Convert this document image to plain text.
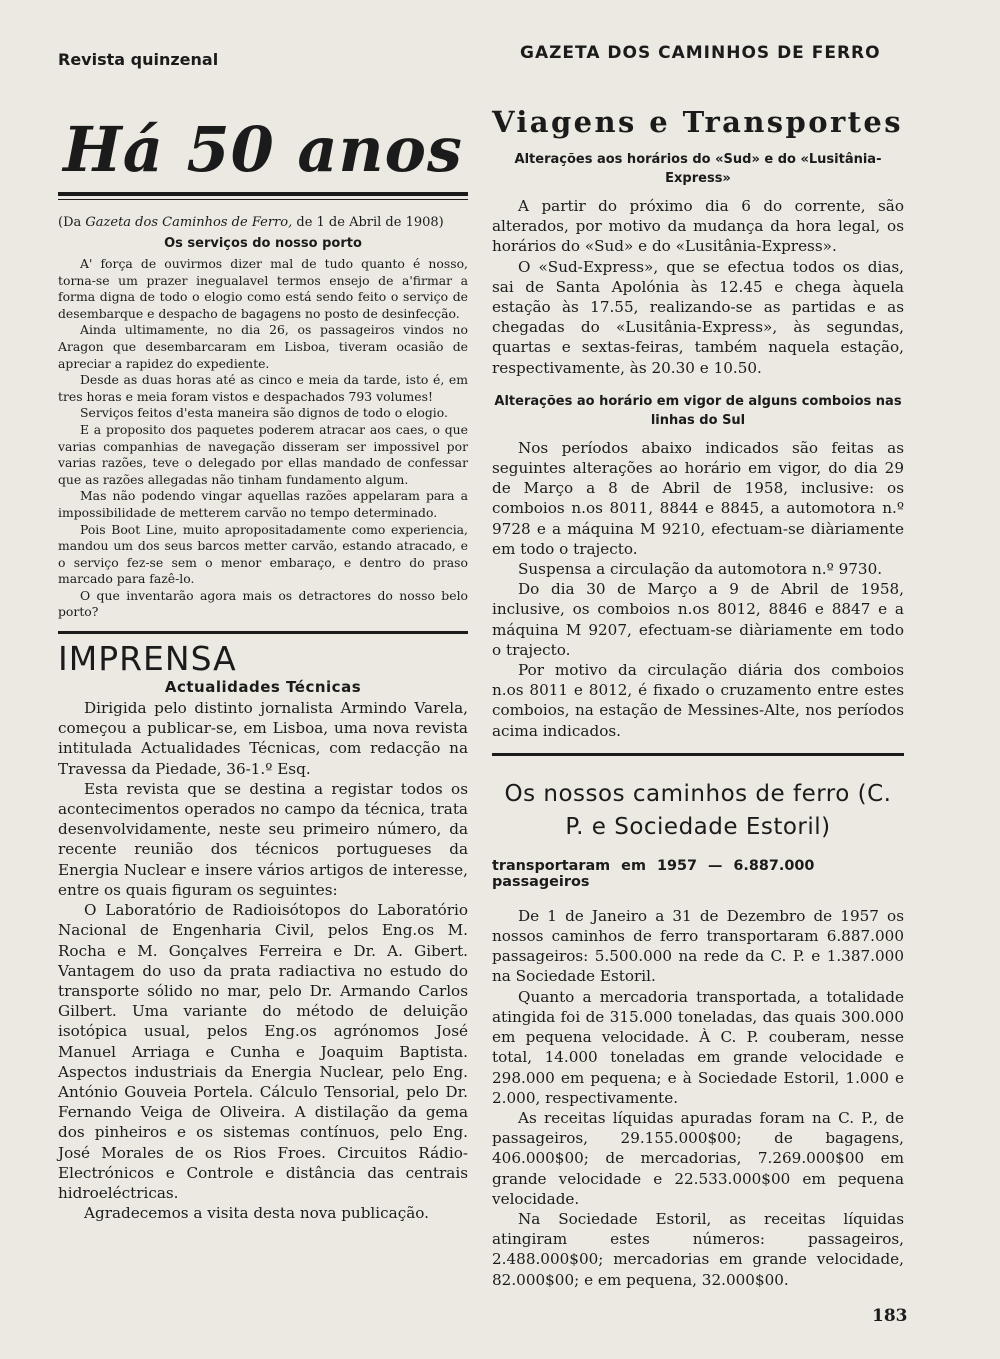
Revista quinzenal	GAZETA DOS CAMINHOS DE FERRO
Há 50 anos
(Da Gazeta dos Caminhos de Ferro, de 1 de Abril de 1908)
Os serviços do nosso porto

A' força de ouvirmos dizer mal de tudo quanto é nosso, torna-se um prazer inegualavel termos ensejo de a'firmar a forma digna de todo o elogio como está sendo feito o serviço de desembarque e despacho de bagagens no posto de desinfecção.

Ainda ultimamente, no dia 26, os passageiros vindos no Aragon que desembarcaram em Lisboa, tiveram ocasião de apreciar a rapidez do expediente.

Desde as duas horas até as cinco e meia da tarde, isto é, em tres horas e meia foram vistos e despachados 793 volumes!

Serviços feitos d'esta maneira são dignos de todo o elogio.

E a proposito dos paquetes poderem atracar aos caes, o que varias companhias de navegação disseram ser impossivel por varias razões, teve o delegado por ellas mandado de confessar que as razões allegadas não tinham fundamento algum.

Mas não podendo vingar aquellas razões appelaram para a impossibilidade de metterem carvão no tempo determinado.

Pois Boot Line, muito apropositadamente como experiencia, mandou um dos seus barcos metter carvão, estando atracado, e o serviço fez-se sem o menor embaraço, e dentro do praso marcado para fazê-lo.

O que inventarão agora mais os detractores do nosso belo porto?

IMPRENSA
Actualidades Técnicas

Dirigida pelo distinto jornalista Armindo Varela, começou a publicar-se, em Lisboa, uma nova revista intitulada Actualidades Técnicas, com redacção na Travessa da Piedade, 36-1.º Esq.

Esta revista que se destina a registar todos os acontecimentos operados no campo da técnica, trata desenvolvidamente, neste seu primeiro número, da recente reunião dos técnicos portugueses da Energia Nuclear e insere vários artigos de interesse, entre os quais figuram os seguintes:

O Laboratório de Radioisótopos do Laboratório Nacional de Engenharia Civil, pelos Eng.os M. Rocha e M. Gonçalves Ferreira e Dr. A. Gibert. Vantagem do uso da prata radiactiva no estudo do transporte sólido no mar, pelo Dr. Armando Carlos Gilbert. Uma variante do método de deluição isotópica usual, pelos Eng.os agrónomos José Manuel Arriaga e Cunha e Joaquim Baptista. Aspectos industriais da Energia Nuclear, pelo Eng. António Gouveia Portela. Cálculo Tensorial, pelo Dr. Fernando Veiga de Oliveira. A distilação da gema dos pinheiros e os sistemas contínuos, pelo Eng. José Morales de os Rios Froes. Circuitos Rádio-Electrónicos e Controle e distância das centrais hidroeléctricas.

Agradecemos a visita desta nova publicação.

Viagens e Transportes
Alterações aos horários do «Sud» e do «Lusitânia-Express»

A partir do próximo dia 6 do corrente, são alterados, por motivo da mudança da hora legal, os horários do «Sud» e do «Lusitânia-Express».

O «Sud-Express», que se efectua todos os dias, sai de Santa Apolónia às 12.45 e chega àquela estação às 17.55, realizando-se as partidas e as chegadas do «Lusitânia-Express», às segundas, quartas e sextas-feiras, também naquela estação, respectivamente, às 20.30 e 10.50.

Alterações ao horário em vigor de alguns comboios nas linhas do Sul

Nos períodos abaixo indicados são feitas as seguintes alterações ao horário em vigor, do dia 29 de Março a 8 de Abril de 1958, inclusive: os comboios n.os 8011, 8844 e 8845, a automotora n.º 9728 e a máquina M 9210, efectuam-se diàriamente em todo o trajecto.

Suspensa a circulação da automotora n.º 9730.

Do dia 30 de Março a 9 de Abril de 1958, inclusive, os comboios n.os 8012, 8846 e 8847 e a máquina M 9207, efectuam-se diàriamente em todo o trajecto.

Por motivo da circulação diária dos comboios n.os 8011 e 8012, é fixado o cruzamento entre estes comboios, na estação de Messines-Alte, nos períodos acima indicados.

Os nossos caminhos de ferro (C. P. e Sociedade Estoril)
transportaram em 1957 — 6.887.000 passageiros

De 1 de Janeiro a 31 de Dezembro de 1957 os nossos caminhos de ferro transportaram 6.887.000 passageiros: 5.500.000 na rede da C. P. e 1.387.000 na Sociedade Estoril.

Quanto a mercadoria transportada, a totalidade atingida foi de 315.000 toneladas, das quais 300.000 em pequena velocidade. À C. P. couberam, nesse total, 14.000 toneladas em grande velocidade e 298.000 em pequena; e à Sociedade Estoril, 1.000 e 2.000, respectivamente.

As receitas líquidas apuradas foram na C. P., de passageiros, 29.155.000$00; de bagagens, 406.000$00; de mercadorias, 7.269.000$00 em grande velocidade e 22.533.000$00 em pequena velocidade.

Na Sociedade Estoril, as receitas líquidas atingiram estes números: passageiros, 2.488.000$00; mercadorias em grande velocidade, 82.000$00; e em pequena, 32.000$00.

183
